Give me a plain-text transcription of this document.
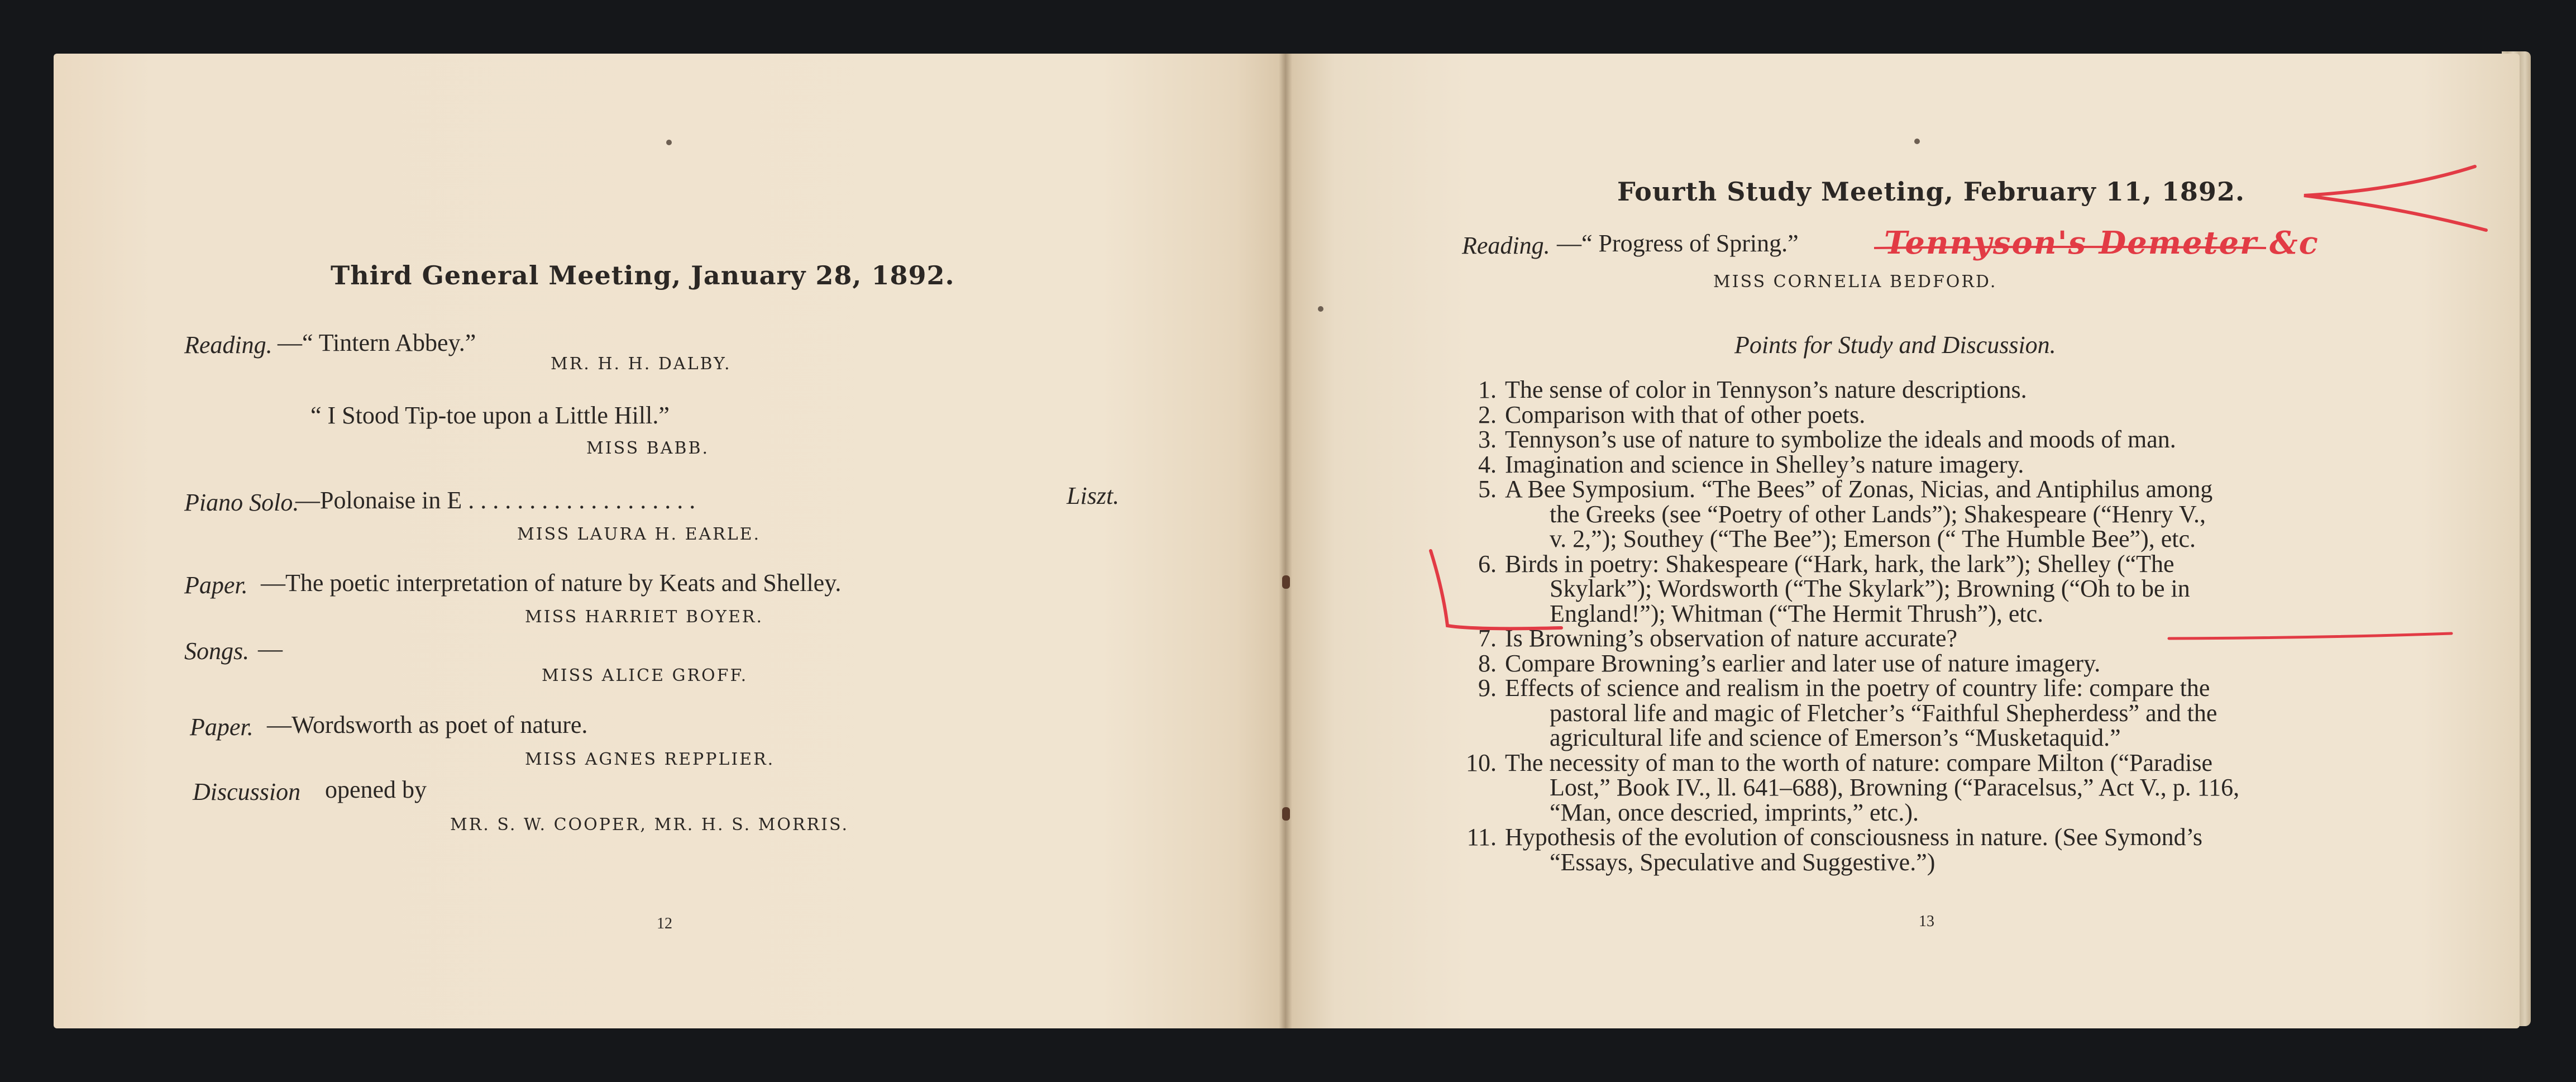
Third General Meeting, January 28, 1892.
Reading. —“ Tintern Abbey.”
MR. H. H. DALBY.
“ I Stood Tip-toe upon a Little Hill.”
MISS BABB.
Piano Solo.
—Polonaise in E . . . . . . . . . . . . . . . . . . .	Liszt.
MISS LAURA H. EARLE.
Paper. —The poetic interpretation of nature by Keats and Shelley.
MISS HARRIET BOYER.
Songs. —
MISS ALICE GROFF.
Paper. —Wordsworth as poet of nature.
MISS AGNES REPPLIER.
Discussion opened by
MR. S. W. COOPER, MR. H. S. MORRIS.
12
Fourth Study Meeting, February 11, 1892.
Reading. —“ Progress of Spring.”	Tennyson's Demeter &c
MISS CORNELIA BEDFORD.
Points for Study and Discussion.
1. The sense of color in Tennyson’s nature descriptions.
2. Comparison with that of other poets.
3. Tennyson’s use of nature to symbolize the ideals and moods of man.
4. Imagination and science in Shelley’s nature imagery.
5. A Bee Symposium. “The Bees” of Zonas, Nicias, and Antiphilus among
the Greeks (see “Poetry of other Lands”); Shakespeare (“Henry V.,
v. 2,”); Southey (“The Bee”); Emerson (“ The Humble Bee”), etc.
6. Birds in poetry: Shakespeare (“Hark, hark, the lark”); Shelley (“The
Skylark”); Wordsworth (“The Skylark”); Browning (“Oh to be in
England!”); Whitman (“The Hermit Thrush”), etc.
7. Is Browning’s observation of nature accurate?
8. Compare Browning’s earlier and later use of nature imagery.
9. Effects of science and realism in the poetry of country life: compare the
pastoral life and magic of Fletcher’s “Faithful Shepherdess” and the
agricultural life and science of Emerson’s “Musketaquid.”
10. The necessity of man to the worth of nature: compare Milton (“Paradise
Lost,” Book IV., ll. 641–688), Browning (“Paracelsus,” Act V., p. 116,
“Man, once descried, imprints,” etc.).
11. Hypothesis of the evolution of consciousness in nature. (See Symond’s
“Essays, Speculative and Suggestive.”)
13
